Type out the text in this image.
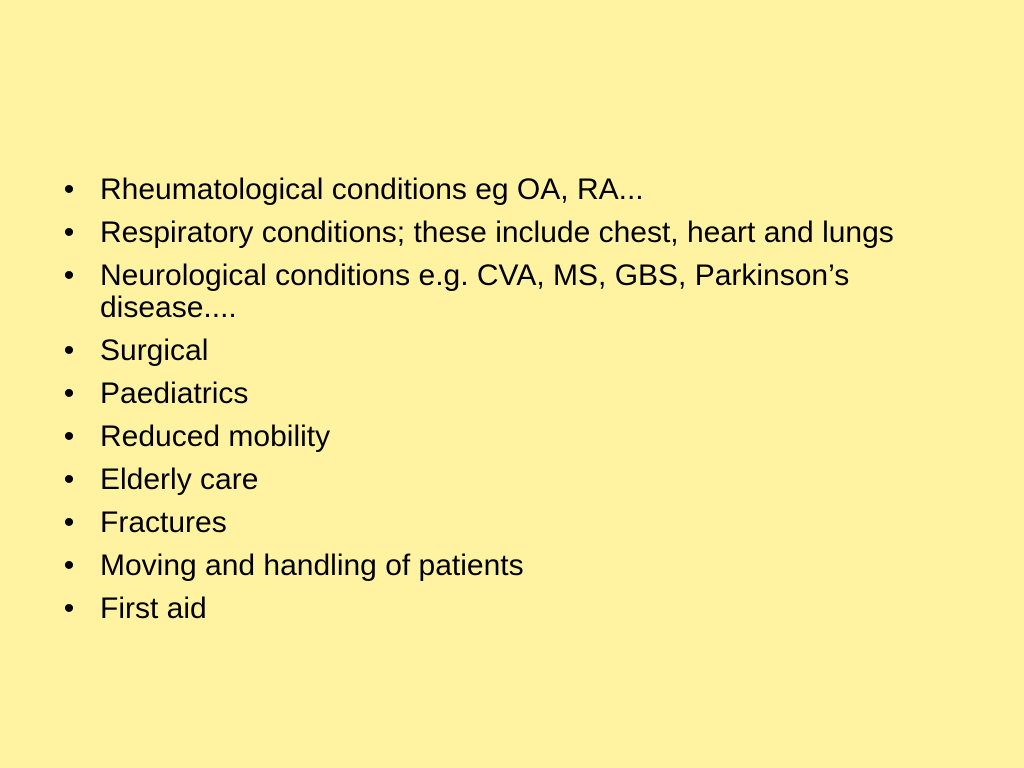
• Rheumatological conditions eg OA, RA...
• Respiratory conditions; these include chest, heart and lungs
• Neurological conditions e.g. CVA, MS, GBS, Parkinson’s disease....
• Surgical
• Paediatrics
• Reduced mobility
• Elderly care
• Fractures
• Moving and handling of patients
• First aid
